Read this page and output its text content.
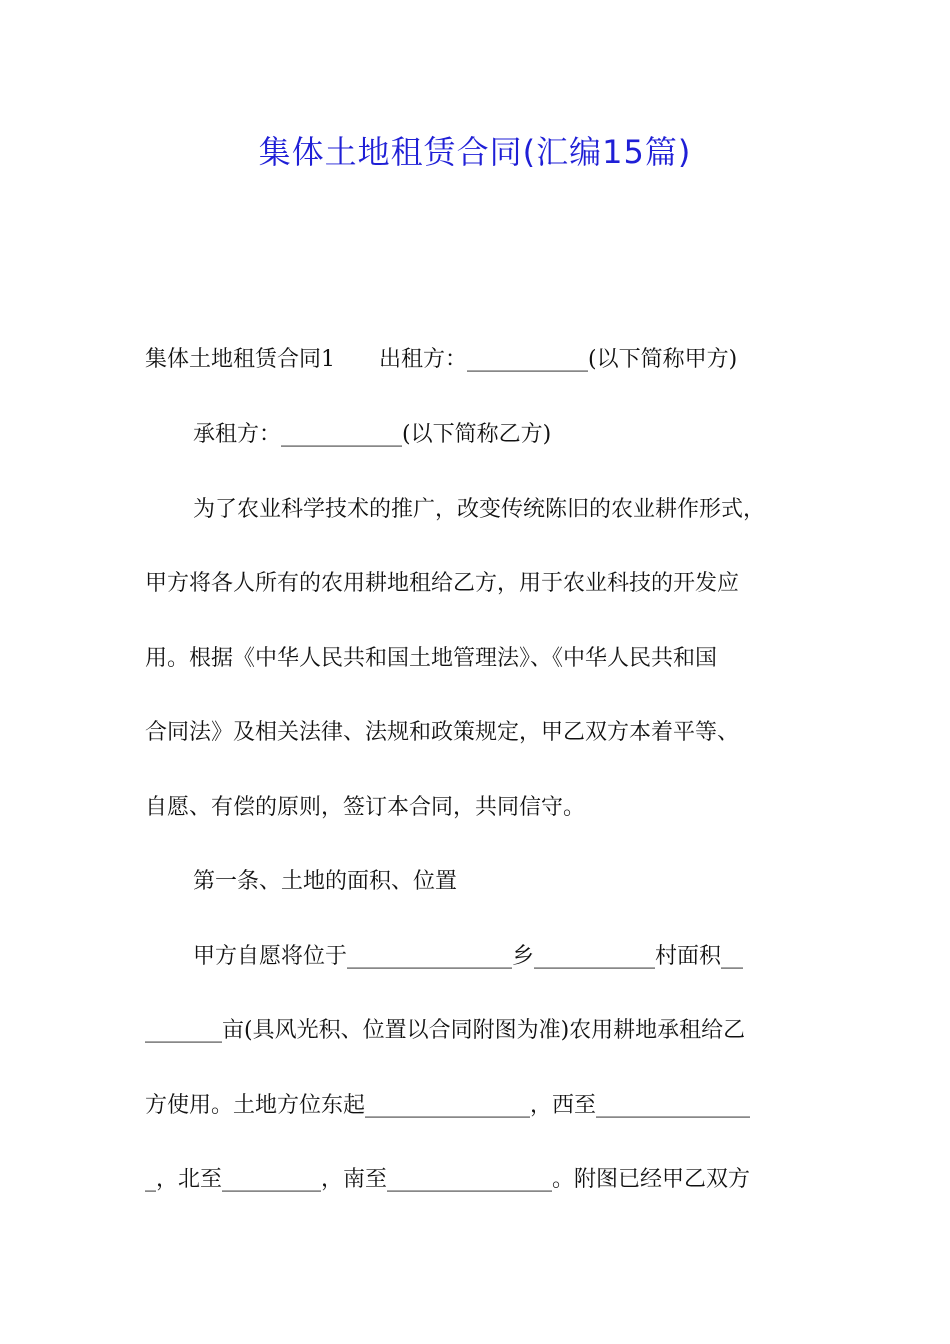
集体土地租赁合同(汇编15篇)

集体土地租赁合同1　　出租方：___________(以下简称甲方)

承租方：___________(以下简称乙方)

为了农业科学技术的推广，改变传统陈旧的农业耕作形式，

甲方将各人所有的农用耕地租给乙方，用于农业科技的开发应

用。根据《中华人民共和国土地管理法》、《中华人民共和国

合同法》及相关法律、法规和政策规定，甲乙双方本着平等、

自愿、有偿的原则，签订本合同，共同信守。

第一条、土地的面积、位置

甲方自愿将位于_______________乡___________村面积__

_______亩(具风光积、位置以合同附图为准)农用耕地承租给乙

方使用。土地方位东起_______________，西至______________

_，北至_________，南至_______________。附图已经甲乙双方
